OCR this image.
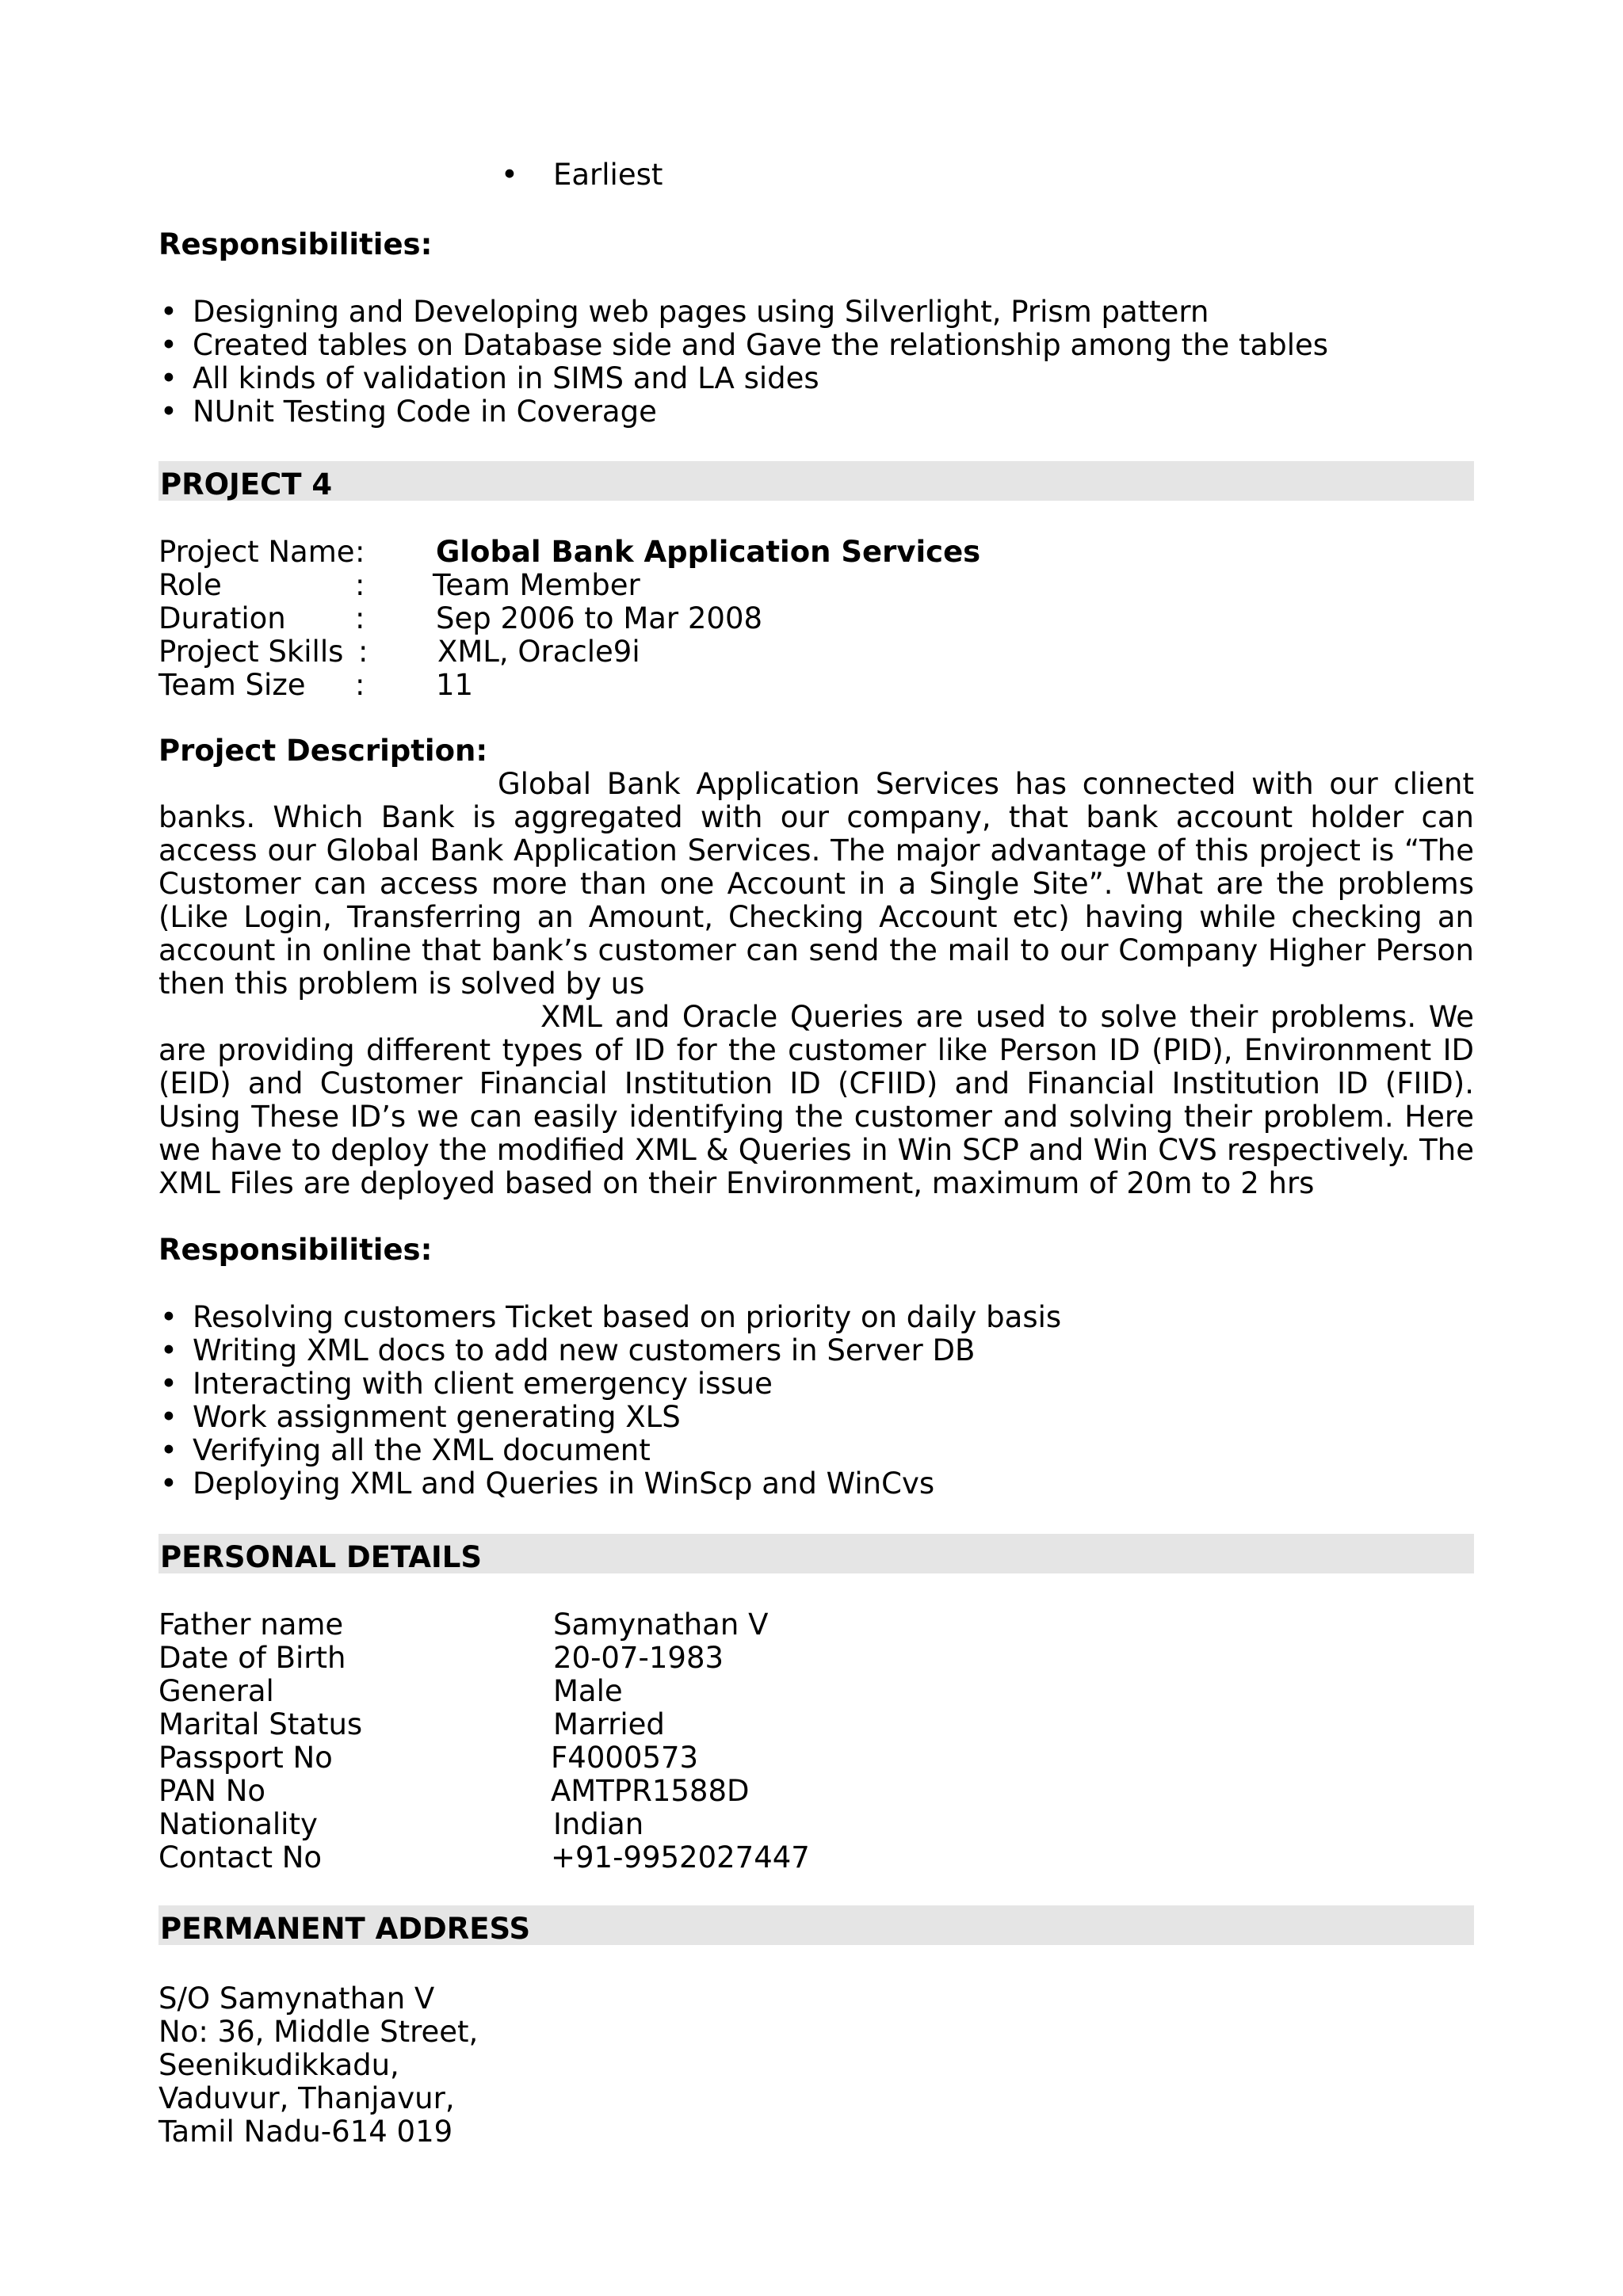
• Earliest
Responsibilities:
• Designing and Developing web pages using Silverlight, Prism pattern
• Created tables on Database side and Gave the relationship among the tables
• All kinds of validation in SIMS and LA sides
• NUnit Testing Code in Coverage
PROJECT 4
Project Name : Global Bank Application Services
Role	: Team Member
Duration : Sep 2006 to Mar 2008
Project Skills : XML, Oracle9i
Team Size : 11
Project Description:
Global Bank Application Services has connected with our client banks. Which Bank is aggregated with our company, that bank account holder can access our Global Bank Application Services. The major advantage of this project is “The Customer can access more than one Account in a Single Site”. What are the problems (Like Login, Transferring an Amount, Checking Account etc) having while checking an account in online that bank’s customer can send the mail to our Company Higher Person then this problem is solved by us
XML and Oracle Queries are used to solve their problems. We are providing different types of ID for the customer like Person ID (PID), Environment ID (EID) and Customer Financial Institution ID (CFIID) and Financial Institution ID (FIID). Using These ID’s we can easily identifying the customer and solving their problem. Here we have to deploy the modified XML & Queries in Win SCP and Win CVS respectively. The XML Files are deployed based on their Environment, maximum of 20m to 2 hrs
Responsibilities:
• Resolving customers Ticket based on priority on daily basis
• Writing XML docs to add new customers in Server DB
• Interacting with client emergency issue
• Work assignment generating XLS
• Verifying all the XML document
• Deploying XML and Queries in WinScp and WinCvs
PERSONAL DETAILS
Father name	Samynathan V
Date of Birth	20-07-1983
General	Male
Marital Status	Married
Passport No	F4000573
PAN No	AMTPR1588D
Nationality	Indian
Contact No	+91-9952027447
PERMANENT ADDRESS
S/O Samynathan V
No: 36, Middle Street,
Seenikudikkadu,
Vaduvur, Thanjavur,
Tamil Nadu-614 019
